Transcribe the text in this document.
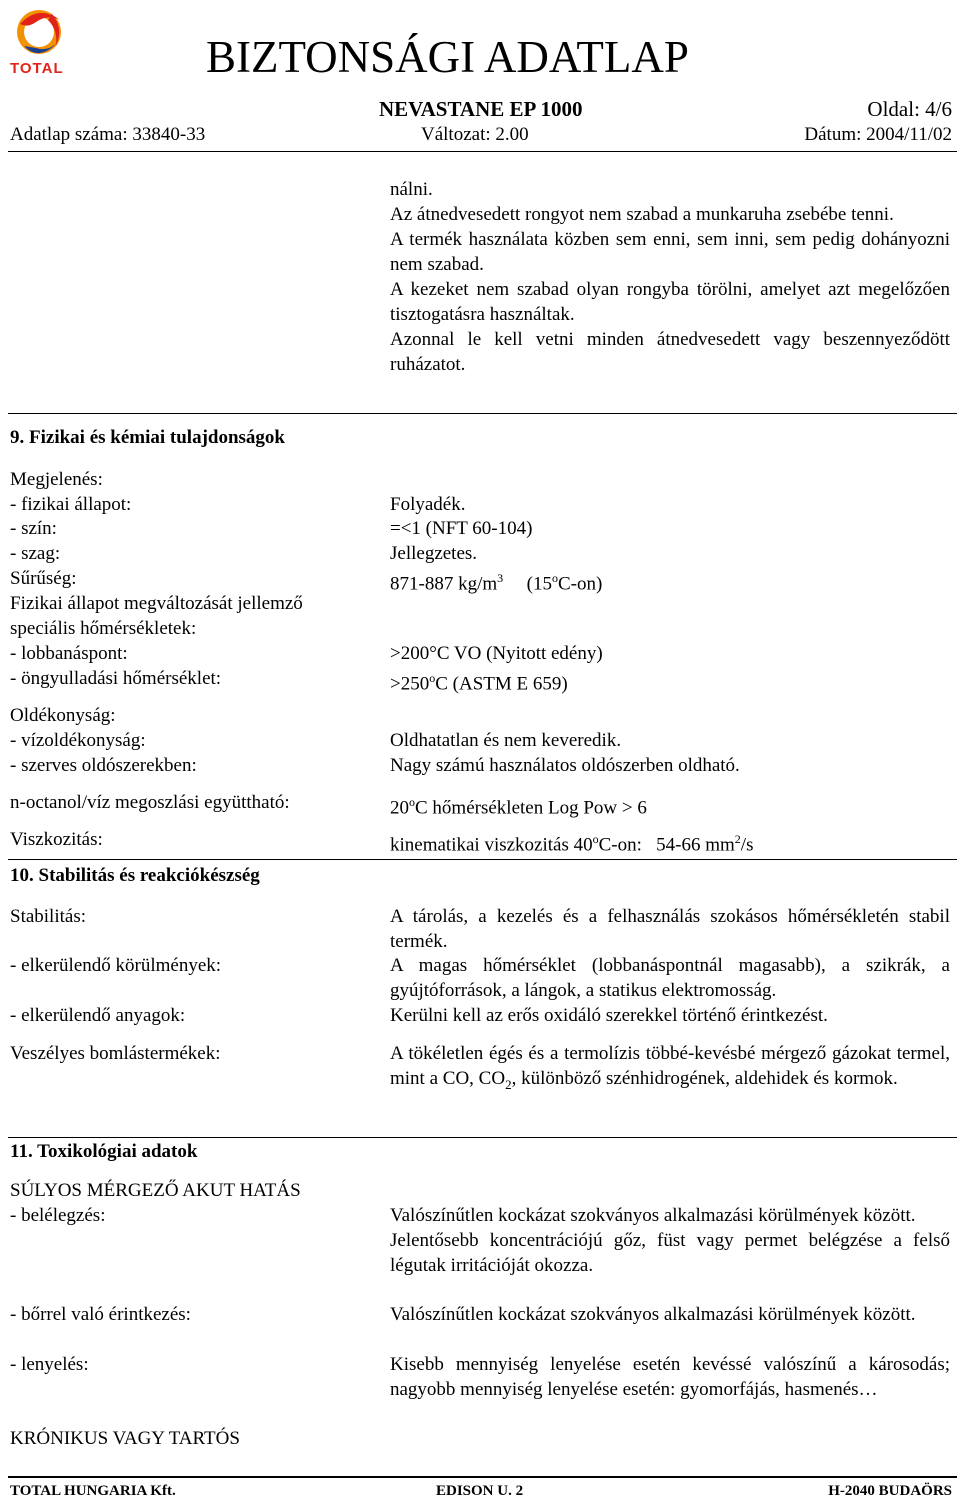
TOTAL	BIZTONSÁGI ADATLAP
NEVASTANE EP 1000	Oldal: 4/6
Adatlap száma: 33840-33	Változat: 2.00	Dátum: 2004/11/02

nálni.

Az átnedvesedett rongyot nem szabad a munkaruha zsebébe tenni.

A termék használata közben sem enni, sem inni, sem pedig dohányozni nem szabad.

A kezeket nem szabad olyan rongyba törölni, amelyet azt megelőzően tisztogatásra használtak.

Azonnal le kell vetni minden átnedvesedett vagy beszennyeződött ruházatot.

9. Fizikai és kémiai tulajdonságok
Megjelenés:
- fizikai állapot:	Folyadék.
- szín:	=<1 (NFT 60-104)
- szag:	Jellegzetes.
Sűrűség:	871-887 $kg/m^3$ (15$^o$C-on)
Fizikai állapot megváltozását jellemző
speciális hőmérsékletek:
- lobbanáspont:	>200°C VO (Nyitott edény)
- öngyulladási hőmérséklet:	$>250^oC$ (ASTM E 659)
Oldékonyság:
- vízoldékonyság:	Oldhatatlan és nem keveredik.
- szerves oldószerekben:	Nagy számú használatos oldószerben oldható.
n-octanol/víz megoszlási együttható:	20$^o$C hőmérsékleten Log Pow > 6
Viszkozitás:	kinematikai viszkozitás 40$^o$C-on:   54-66 $mm^2/s$
10. Stabilitás és reakciókészség
Stabilitás:	A tárolás, a kezelés és a felhasználás szokásos hőmérsékletén stabil termék.
- elkerülendő körülmények:	A magas hőmérséklet (lobbanáspontnál magasabb), a szikrák, a gyújtóforrások, a lángok, a statikus elektromosság.
- elkerülendő anyagok:	Kerülni kell az erős oxidáló szerekkel történő érintkezést.
Veszélyes bomlástermékek:	A tökéletlen égés és a termolízis többé-kevésbé mérgező gázokat termel, mint a CO, $CO_2$, különböző szénhidrogének, aldehidek és kormok.
11. Toxikológiai adatok
SÚLYOS MÉRGEZŐ AKUT HATÁS
- belélegzés:	Valószínűtlen kockázat szokványos alkalmazási körülmények között.

Jelentősebb koncentrációjú gőz, füst vagy permet belégzése a felső légutak irritációját okozza.

- bőrrel való érintkezés:	Valószínűtlen kockázat szokványos alkalmazási körülmények között.
- lenyelés:	Kisebb mennyiség lenyelése esetén kevéssé valószínű a károsodás; nagyobb mennyiség lenyelése esetén: gyomorfájás, hasmenés…
KRÓNIKUS VAGY TARTÓS
TOTAL HUNGARIA Kft.	EDISON U. 2	H-2040 BUDAÖRS
